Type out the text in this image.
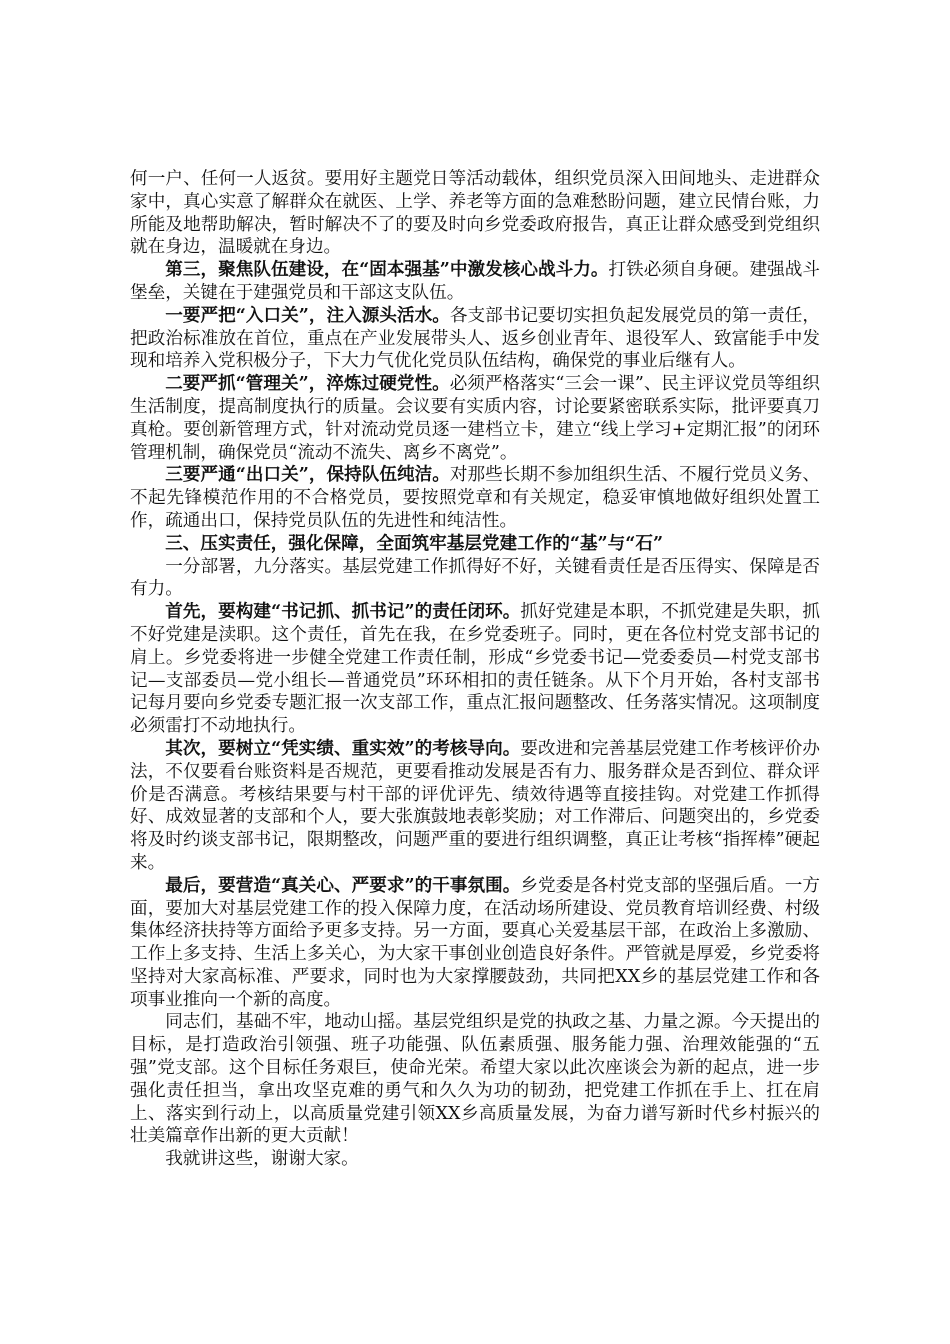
何一户、任何一人返贫。要用好主题党日等活动载体，组织党员深入田间地头、走进群众家中，真心实意了解群众在就医、上学、养老等方面的急难愁盼问题，建立民情台账，力所能及地帮助解决，暂时解决不了的要及时向乡党委政府报告，真正让群众感受到党组织就在身边，温暖就在身边。

第三，聚焦队伍建设，在“固本强基”中激发核心战斗力。打铁必须自身硬。建强战斗堡垒，关键在于建强党员和干部这支队伍。

一要严把“入口关”，注入源头活水。各支部书记要切实担负起发展党员的第一责任，把政治标准放在首位，重点在产业发展带头人、返乡创业青年、退役军人、致富能手中发现和培养入党积极分子，下大力气优化党员队伍结构，确保党的事业后继有人。

二要严抓“管理关”，淬炼过硬党性。必须严格落实“三会一课”、民主评议党员等组织生活制度，提高制度执行的质量。会议要有实质内容，讨论要紧密联系实际，批评要真刀真枪。要创新管理方式，针对流动党员逐一建档立卡，建立“线上学习+定期汇报”的闭环管理机制，确保党员“流动不流失、离乡不离党”。

三要严通“出口关”，保持队伍纯洁。对那些长期不参加组织生活、不履行党员义务、不起先锋模范作用的不合格党员，要按照党章和有关规定，稳妥审慎地做好组织处置工作，疏通出口，保持党员队伍的先进性和纯洁性。

三、压实责任，强化保障，全面筑牢基层党建工作的“基”与“石”

一分部署，九分落实。基层党建工作抓得好不好，关键看责任是否压得实、保障是否有力。

首先，要构建“书记抓、抓书记”的责任闭环。抓好党建是本职，不抓党建是失职，抓不好党建是渎职。这个责任，首先在我，在乡党委班子。同时，更在各位村党支部书记的肩上。乡党委将进一步健全党建工作责任制，形成“乡党委书记—党委委员—村党支部书记—支部委员—党小组长—普通党员”环环相扣的责任链条。从下个月开始，各村支部书记每月要向乡党委专题汇报一次支部工作，重点汇报问题整改、任务落实情况。这项制度必须雷打不动地执行。

其次，要树立“凭实绩、重实效”的考核导向。要改进和完善基层党建工作考核评价办法，不仅要看台账资料是否规范，更要看推动发展是否有力、服务群众是否到位、群众评价是否满意。考核结果要与村干部的评优评先、绩效待遇等直接挂钩。对党建工作抓得好、成效显著的支部和个人，要大张旗鼓地表彰奖励；对工作滞后、问题突出的，乡党委将及时约谈支部书记，限期整改，问题严重的要进行组织调整，真正让考核“指挥棒”硬起来。

最后，要营造“真关心、严要求”的干事氛围。乡党委是各村党支部的坚强后盾。一方面，要加大对基层党建工作的投入保障力度，在活动场所建设、党员教育培训经费、村级集体经济扶持等方面给予更多支持。另一方面，要真心关爱基层干部，在政治上多激励、工作上多支持、生活上多关心，为大家干事创业创造良好条件。严管就是厚爱，乡党委将坚持对大家高标准、严要求，同时也为大家撑腰鼓劲，共同把XX乡的基层党建工作和各项事业推向一个新的高度。

同志们，基础不牢，地动山摇。基层党组织是党的执政之基、力量之源。今天提出的目标，是打造政治引领强、班子功能强、队伍素质强、服务能力强、治理效能强的“五强”党支部。这个目标任务艰巨，使命光荣。希望大家以此次座谈会为新的起点，进一步强化责任担当，拿出攻坚克难的勇气和久久为功的韧劲，把党建工作抓在手上、扛在肩上、落实到行动上，以高质量党建引领XX乡高质量发展，为奋力谱写新时代乡村振兴的壮美篇章作出新的更大贡献！

我就讲这些，谢谢大家。
